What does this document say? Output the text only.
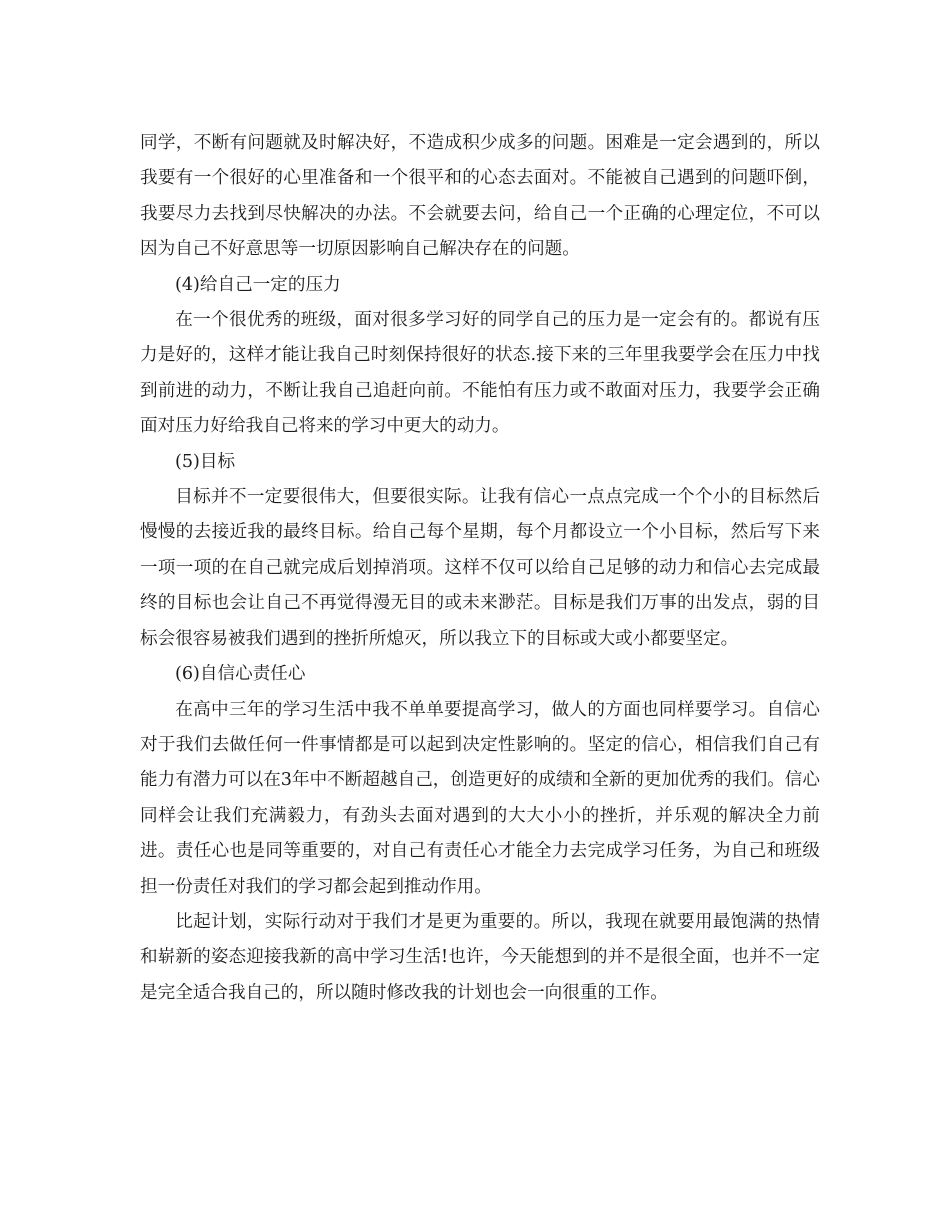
同学，不断有问题就及时解决好，不造成积少成多的问题。困难是一定会遇到的，所以我要有一个很好的心里准备和一个很平和的心态去面对。不能被自己遇到的问题吓倒，我要尽力去找到尽快解决的办法。不会就要去问，给自己一个正确的心理定位，不可以因为自己不好意思等一切原因影响自己解决存在的问题。

(4)给自己一定的压力

在一个很优秀的班级，面对很多学习好的同学自己的压力是一定会有的。都说有压力是好的，这样才能让我自己时刻保持很好的状态.接下来的三年里我要学会在压力中找到前进的动力，不断让我自己追赶向前。不能怕有压力或不敢面对压力，我要学会正确面对压力好给我自己将来的学习中更大的动力。

(5)目标

目标并不一定要很伟大，但要很实际。让我有信心一点点完成一个个小的目标然后慢慢的去接近我的最终目标。给自己每个星期，每个月都设立一个小目标，然后写下来一项一项的在自己就完成后划掉消项。这样不仅可以给自己足够的动力和信心去完成最终的目标也会让自己不再觉得漫无目的或未来渺茫。目标是我们万事的出发点，弱的目标会很容易被我们遇到的挫折所熄灭，所以我立下的目标或大或小都要坚定。

(6)自信心责任心

在高中三年的学习生活中我不单单要提高学习，做人的方面也同样要学习。自信心对于我们去做任何一件事情都是可以起到决定性影响的。坚定的信心，相信我们自己有能力有潜力可以在3年中不断超越自己，创造更好的成绩和全新的更加优秀的我们。信心同样会让我们充满毅力，有劲头去面对遇到的大大小小的挫折，并乐观的解决全力前进。责任心也是同等重要的，对自己有责任心才能全力去完成学习任务，为自己和班级担一份责任对我们的学习都会起到推动作用。

比起计划，实际行动对于我们才是更为重要的。所以，我现在就要用最饱满的热情和崭新的姿态迎接我新的高中学习生活!也许，今天能想到的并不是很全面，也并不一定是完全适合我自己的，所以随时修改我的计划也会一向很重的工作。
